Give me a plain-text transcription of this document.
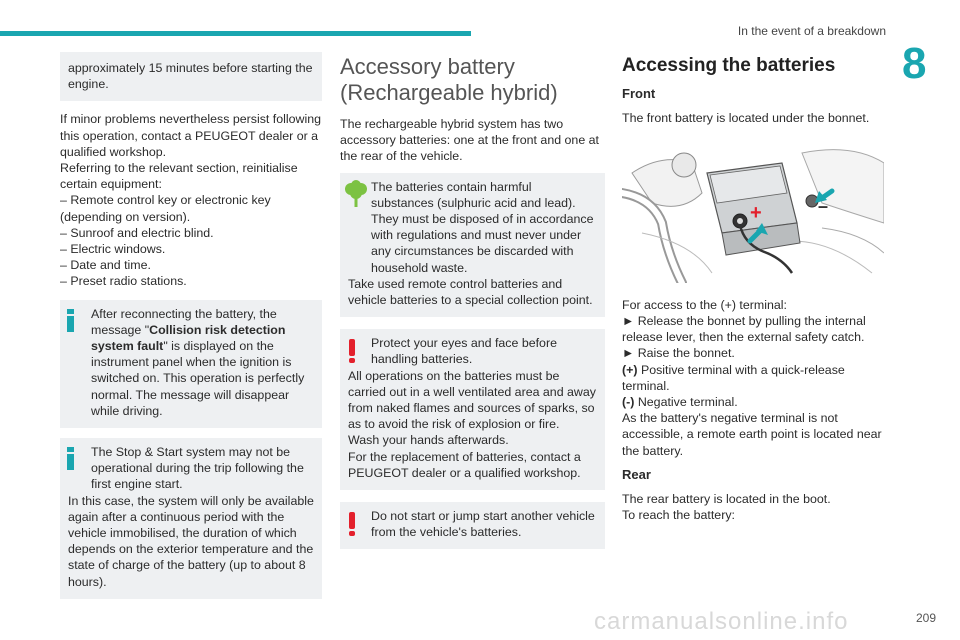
In the event of a breakdown
8

approximately 15 minutes before starting the engine.

If minor problems nevertheless persist following this operation, contact a PEUGEOT dealer or a qualified workshop.

Referring to the relevant section, reinitialise certain equipment:

– Remote control key or electronic key (depending on version).

– Sunroof and electric blind.

– Electric windows.

– Date and time.

– Preset radio stations.

After reconnecting the battery, the message "Collision risk detection system fault" is displayed on the instrument panel when the ignition is switched on. This operation is perfectly normal. The message will disappear while driving.

The Stop & Start system may not be operational during the trip following the first engine start.

In this case, the system will only be available again after a continuous period with the vehicle immobilised, the duration of which depends on the exterior temperature and the state of charge of the battery (up to about 8 hours).

Accessory battery
(Rechargeable hybrid)

The rechargeable hybrid system has two accessory batteries: one at the front and one at the rear of the vehicle.

The batteries contain harmful substances (sulphuric acid and lead). They must be disposed of in accordance with regulations and must never under any circumstances be discarded with household waste.

Take used remote control batteries and vehicle batteries to a special collection point.

Protect your eyes and face before handling batteries.

All operations on the batteries must be carried out in a well ventilated area and away from naked flames and sources of sparks, so as to avoid the risk of explosion or fire.

Wash your hands afterwards.

For the replacement of batteries, contact a PEUGEOT dealer or a qualified workshop.

Do not start or jump start another vehicle from the vehicle's batteries.

Accessing the batteries
Front

The front battery is located under the bonnet.

+	–

For access to the (+) terminal:

► Release the bonnet by pulling the internal release lever, then the external safety catch.

► Raise the bonnet.

(+) Positive terminal with a quick-release terminal.

(-) Negative terminal.

As the battery's negative terminal is not accessible, a remote earth point is located near the battery.

Rear

The rear battery is located in the boot.

To reach the battery:

209
carmanualsonline.info
